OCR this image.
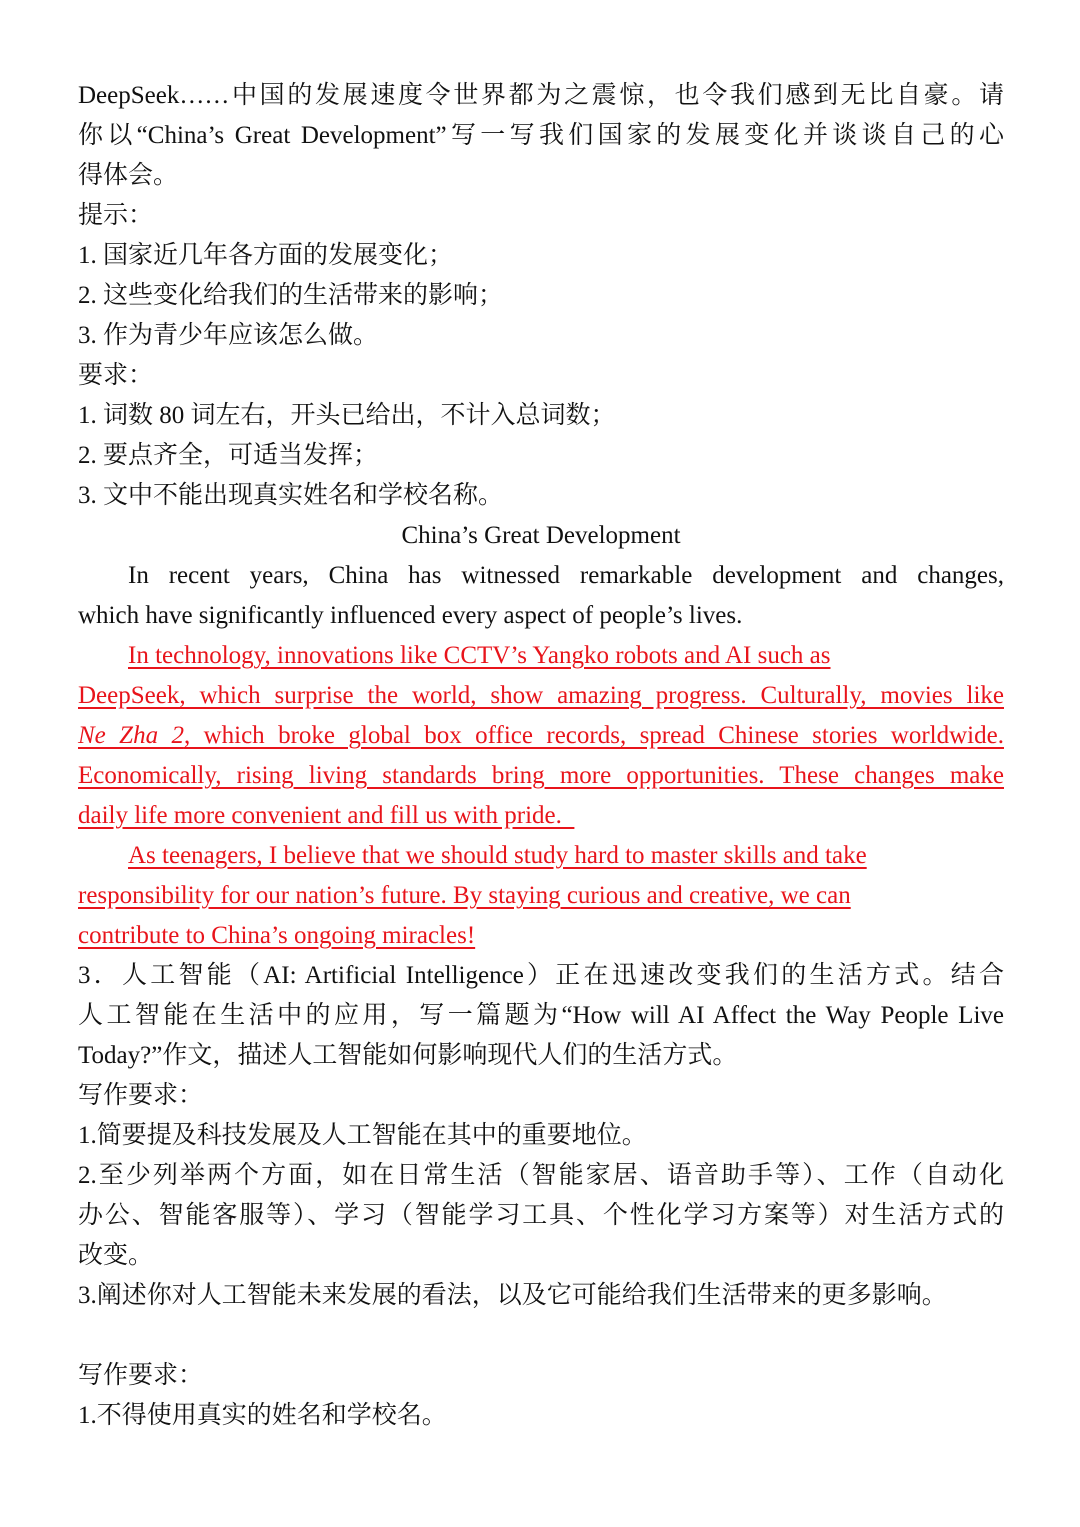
DeepSeek……中国的发展速度令世界都为之震惊，也令我们感到无比自豪。请

你以“China’s Great Development”写一写我们国家的发展变化并谈谈自己的心

得体会。

提示：

1. 国家近几年各方面的发展变化；

2. 这些变化给我们的生活带来的影响；

3. 作为青少年应该怎么做。

要求：

1. 词数 80 词左右，开头已给出，不计入总词数；

2. 要点齐全，可适当发挥；

3. 文中不能出现真实姓名和学校名称。

China’s Great Development

In recent years, China has witnessed remarkable development and changes,

which have significantly influenced every aspect of people’s lives.

In technology, innovations like CCTV’s Yangko robots and AI such as

DeepSeek, which surprise the world, show amazing progress. Culturally, movies like

Ne Zha 2, which broke global box office records, spread Chinese stories worldwide.

Economically, rising living standards bring more opportunities. These changes make

daily life more convenient and fill us with pride.

As teenagers, I believe that we should study hard to master skills and take

responsibility for our nation’s future. By staying curious and creative, we can

contribute to China’s ongoing miracles!

3．人工智能（AI: Artificial Intelligence）正在迅速改变我们的生活方式。结合

人工智能在生活中的应用，写一篇题为“How will AI Affect the Way People Live

Today?”作文，描述人工智能如何影响现代人们的生活方式。

写作要求：

1.简要提及科技发展及人工智能在其中的重要地位。

2.至少列举两个方面，如在日常生活（智能家居、语音助手等）、工作（自动化

办公、智能客服等）、学习（智能学习工具、个性化学习方案等）对生活方式的

改变。

3.阐述你对人工智能未来发展的看法，以及它可能给我们生活带来的更多影响。

写作要求：

1.不得使用真实的姓名和学校名。
